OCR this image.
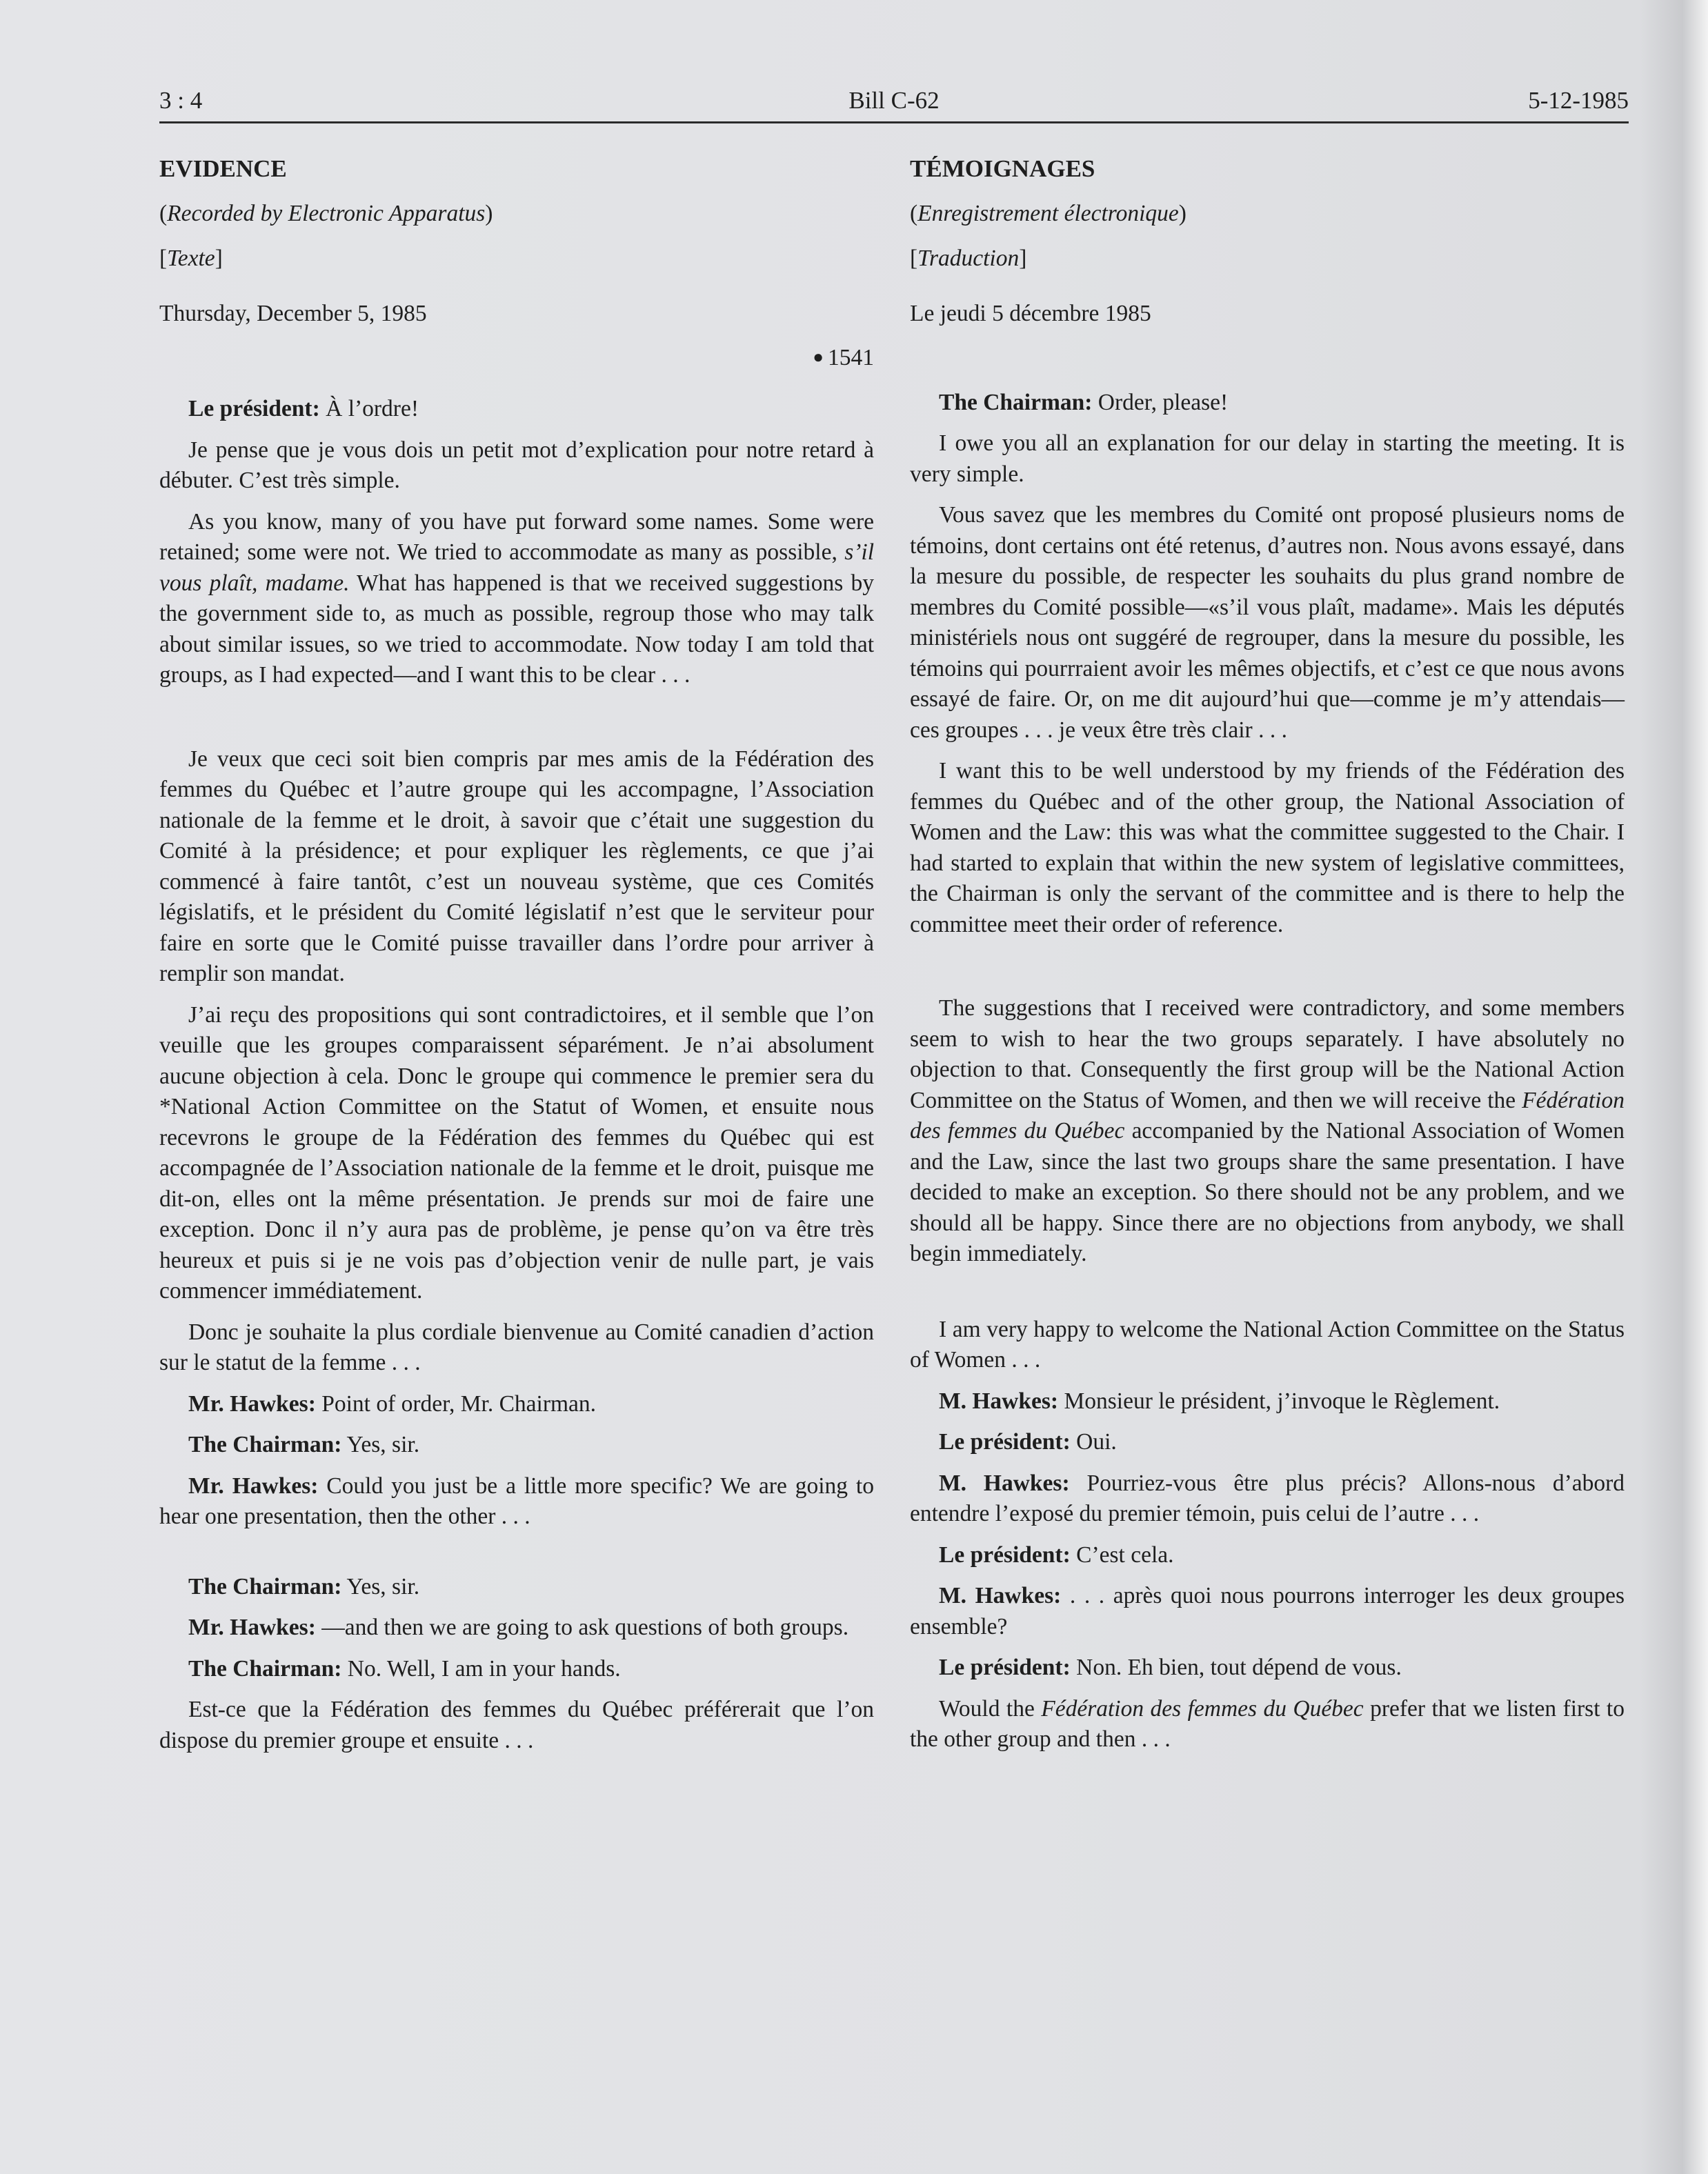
3 : 4	Bill C-62	5-12-1985
EVIDENCE

(Recorded by Electronic Apparatus)

[Texte]

Thursday, December 5, 1985

● 1541

Le président: À l’ordre!

Je pense que je vous dois un petit mot d’explication pour notre retard à débuter. C’est très simple.

As you know, many of you have put forward some names. Some were retained; some were not. We tried to accommodate as many as possible, s’il vous plaît, madame. What has happened is that we received suggestions by the government side to, as much as possible, regroup those who may talk about similar issues, so we tried to accommodate. Now today I am told that groups, as I had expected—and I want this to be clear . . .

Je veux que ceci soit bien compris par mes amis de la Fédération des femmes du Québec et l’autre groupe qui les accompagne, l’Association nationale de la femme et le droit, à savoir que c’était une suggestion du Comité à la présidence; et pour expliquer les règlements, ce que j’ai commencé à faire tantôt, c’est un nouveau système, que ces Comités législatifs, et le président du Comité législatif n’est que le serviteur pour faire en sorte que le Comité puisse travailler dans l’ordre pour arriver à remplir son mandat.

J’ai reçu des propositions qui sont contradictoires, et il semble que l’on veuille que les groupes comparaissent séparément. Je n’ai absolument aucune objection à cela. Donc le groupe qui commence le premier sera du *National Action Committee on the Statut of Women, et ensuite nous recevrons le groupe de la Fédération des femmes du Québec qui est accompagnée de l’Association nationale de la femme et le droit, puisque me dit-on, elles ont la même présentation. Je prends sur moi de faire une exception. Donc il n’y aura pas de problème, je pense qu’on va être très heureux et puis si je ne vois pas d’objection venir de nulle part, je vais commencer immédiatement.

Donc je souhaite la plus cordiale bienvenue au Comité canadien d’action sur le statut de la femme . . .

Mr. Hawkes: Point of order, Mr. Chairman.

The Chairman: Yes, sir.

Mr. Hawkes: Could you just be a little more specific? We are going to hear one presentation, then the other . . .

The Chairman: Yes, sir.

Mr. Hawkes: —and then we are going to ask questions of both groups.

The Chairman: No. Well, I am in your hands.

Est-ce que la Fédération des femmes du Québec préférerait que l’on dispose du premier groupe et ensuite . . .

TÉMOIGNAGES

(Enregistrement électronique)

[Traduction]

Le jeudi 5 décembre 1985

The Chairman: Order, please!

I owe you all an explanation for our delay in starting the meeting. It is very simple.

Vous savez que les membres du Comité ont proposé plusieurs noms de témoins, dont certains ont été retenus, d’autres non. Nous avons essayé, dans la mesure du possible, de respecter les souhaits du plus grand nombre de membres du Comité possible—«s’il vous plaît, madame». Mais les députés ministériels nous ont suggéré de regrouper, dans la mesure du possible, les témoins qui pourrraient avoir les mêmes objectifs, et c’est ce que nous avons essayé de faire. Or, on me dit aujourd’hui que—comme je m’y attendais—ces groupes . . . je veux être très clair . . .

I want this to be well understood by my friends of the Fédération des femmes du Québec and of the other group, the National Association of Women and the Law: this was what the committee suggested to the Chair. I had started to explain that within the new system of legislative committees, the Chairman is only the servant of the committee and is there to help the committee meet their order of reference.

The suggestions that I received were contradictory, and some members seem to wish to hear the two groups separately. I have absolutely no objection to that. Consequently the first group will be the National Action Committee on the Status of Women, and then we will receive the Fédération des femmes du Québec accompanied by the National Association of Women and the Law, since the last two groups share the same presentation. I have decided to make an exception. So there should not be any problem, and we should all be happy. Since there are no objections from anybody, we shall begin immediately.

I am very happy to welcome the National Action Committee on the Status of Women . . .

M. Hawkes: Monsieur le président, j’invoque le Règlement.

Le président: Oui.

M. Hawkes: Pourriez-vous être plus précis? Allons-nous d’abord entendre l’exposé du premier témoin, puis celui de l’autre . . .

Le président: C’est cela.

M. Hawkes: . . . après quoi nous pourrons interroger les deux groupes ensemble?

Le président: Non. Eh bien, tout dépend de vous.

Would the Fédération des femmes du Québec prefer that we listen first to the other group and then . . .
